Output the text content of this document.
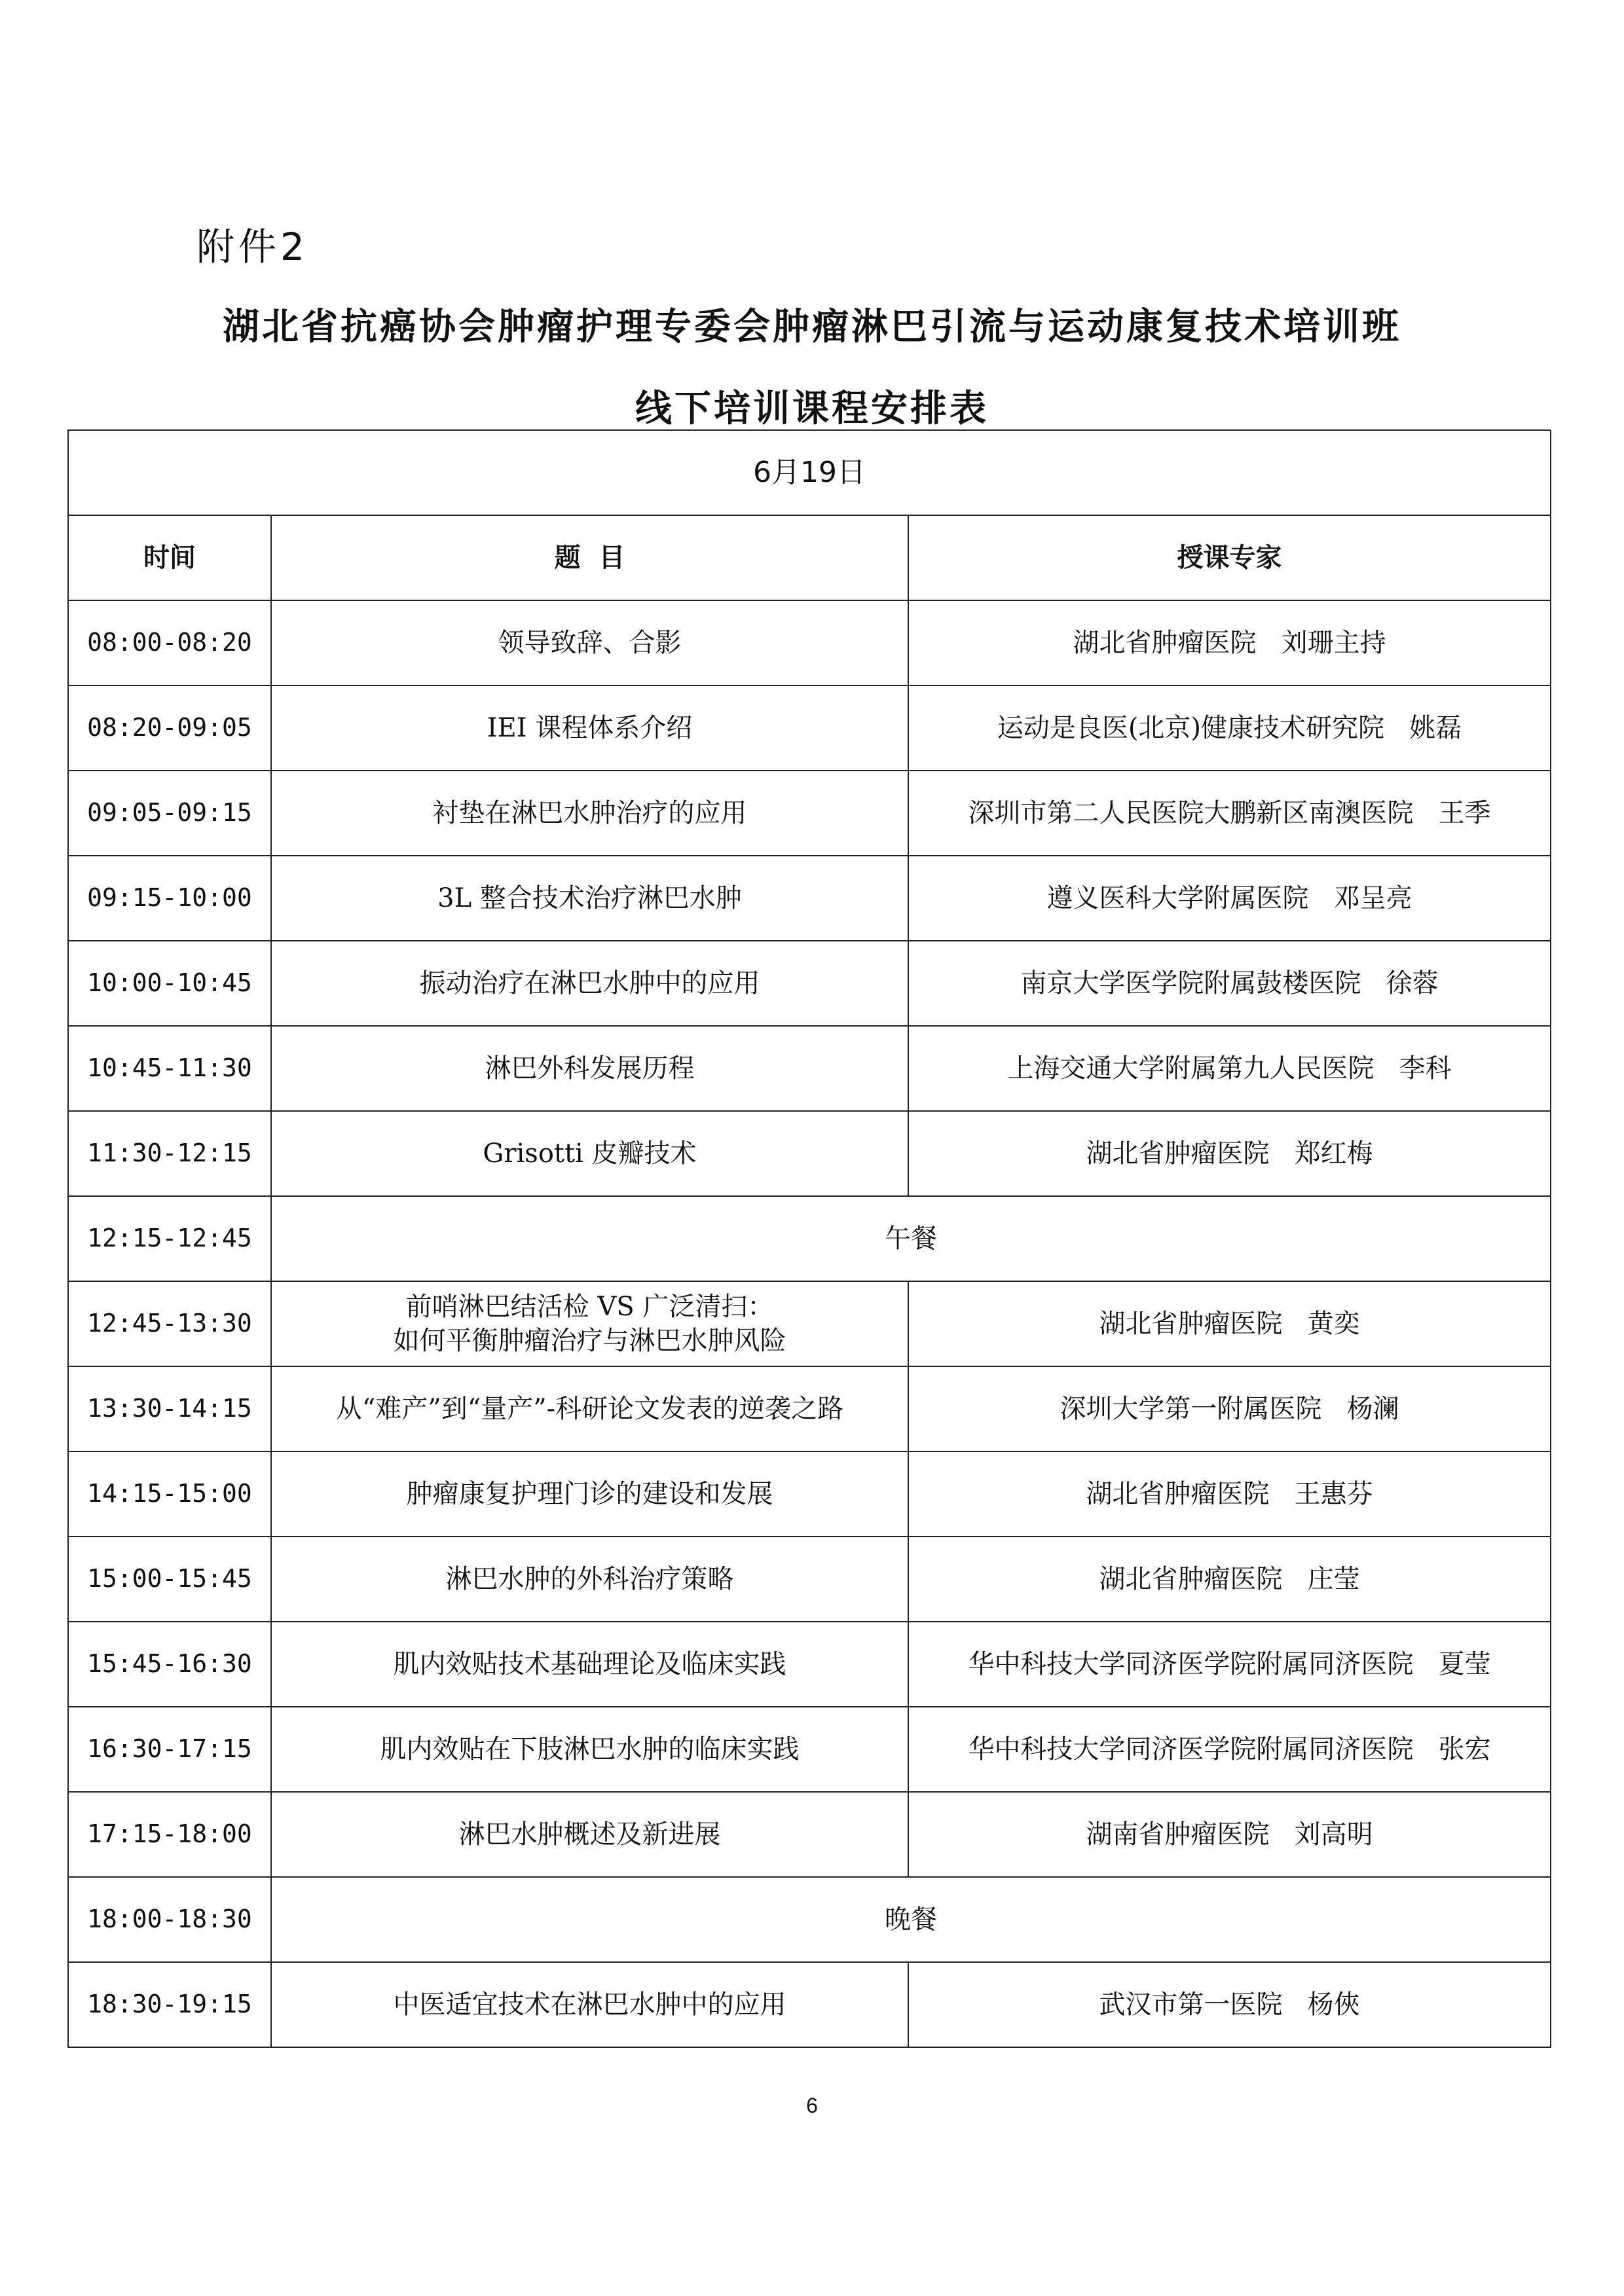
附件2
湖北省抗癌协会肿瘤护理专委会肿瘤淋巴引流与运动康复技术培训班
线下培训课程安排表
6月19日		
时间	题  目	授课专家
08:00-08:20	领导致辞、合影	湖北省肿瘤医院   刘珊主持
08:20-09:05	IEI 课程体系介绍	运动是良医(北京)健康技术研究院   姚磊
09:05-09:15	衬垫在淋巴水肿治疗的应用	深圳市第二人民医院大鹏新区南澳医院   王季
09:15-10:00	3L 整合技术治疗淋巴水肿	遵义医科大学附属医院   邓呈亮
10:00-10:45	振动治疗在淋巴水肿中的应用	南京大学医学院附属鼓楼医院   徐蓉
10:45-11:30	淋巴外科发展历程	上海交通大学附属第九人民医院   李科
11:30-12:15	Grisotti 皮瓣技术	湖北省肿瘤医院   郑红梅
12:15-12:45	午餐	
12:45-13:30	前哨淋巴结活检 VS 广泛清扫：
如何平衡肿瘤治疗与淋巴水肿风险	湖北省肿瘤医院   黄奕
13:30-14:15	从“难产”到“量产”-科研论文发表的逆袭之路	深圳大学第一附属医院   杨澜
14:15-15:00	肿瘤康复护理门诊的建设和发展	湖北省肿瘤医院   王惠芬
15:00-15:45	淋巴水肿的外科治疗策略	湖北省肿瘤医院   庄莹
15:45-16:30	肌内效贴技术基础理论及临床实践	华中科技大学同济医学院附属同济医院   夏莹
16:30-17:15	肌内效贴在下肢淋巴水肿的临床实践	华中科技大学同济医学院附属同济医院   张宏
17:15-18:00	淋巴水肿概述及新进展	湖南省肿瘤医院   刘高明
18:00-18:30	晚餐	
18:30-19:15	中医适宜技术在淋巴水肿中的应用	武汉市第一医院   杨俠
6
